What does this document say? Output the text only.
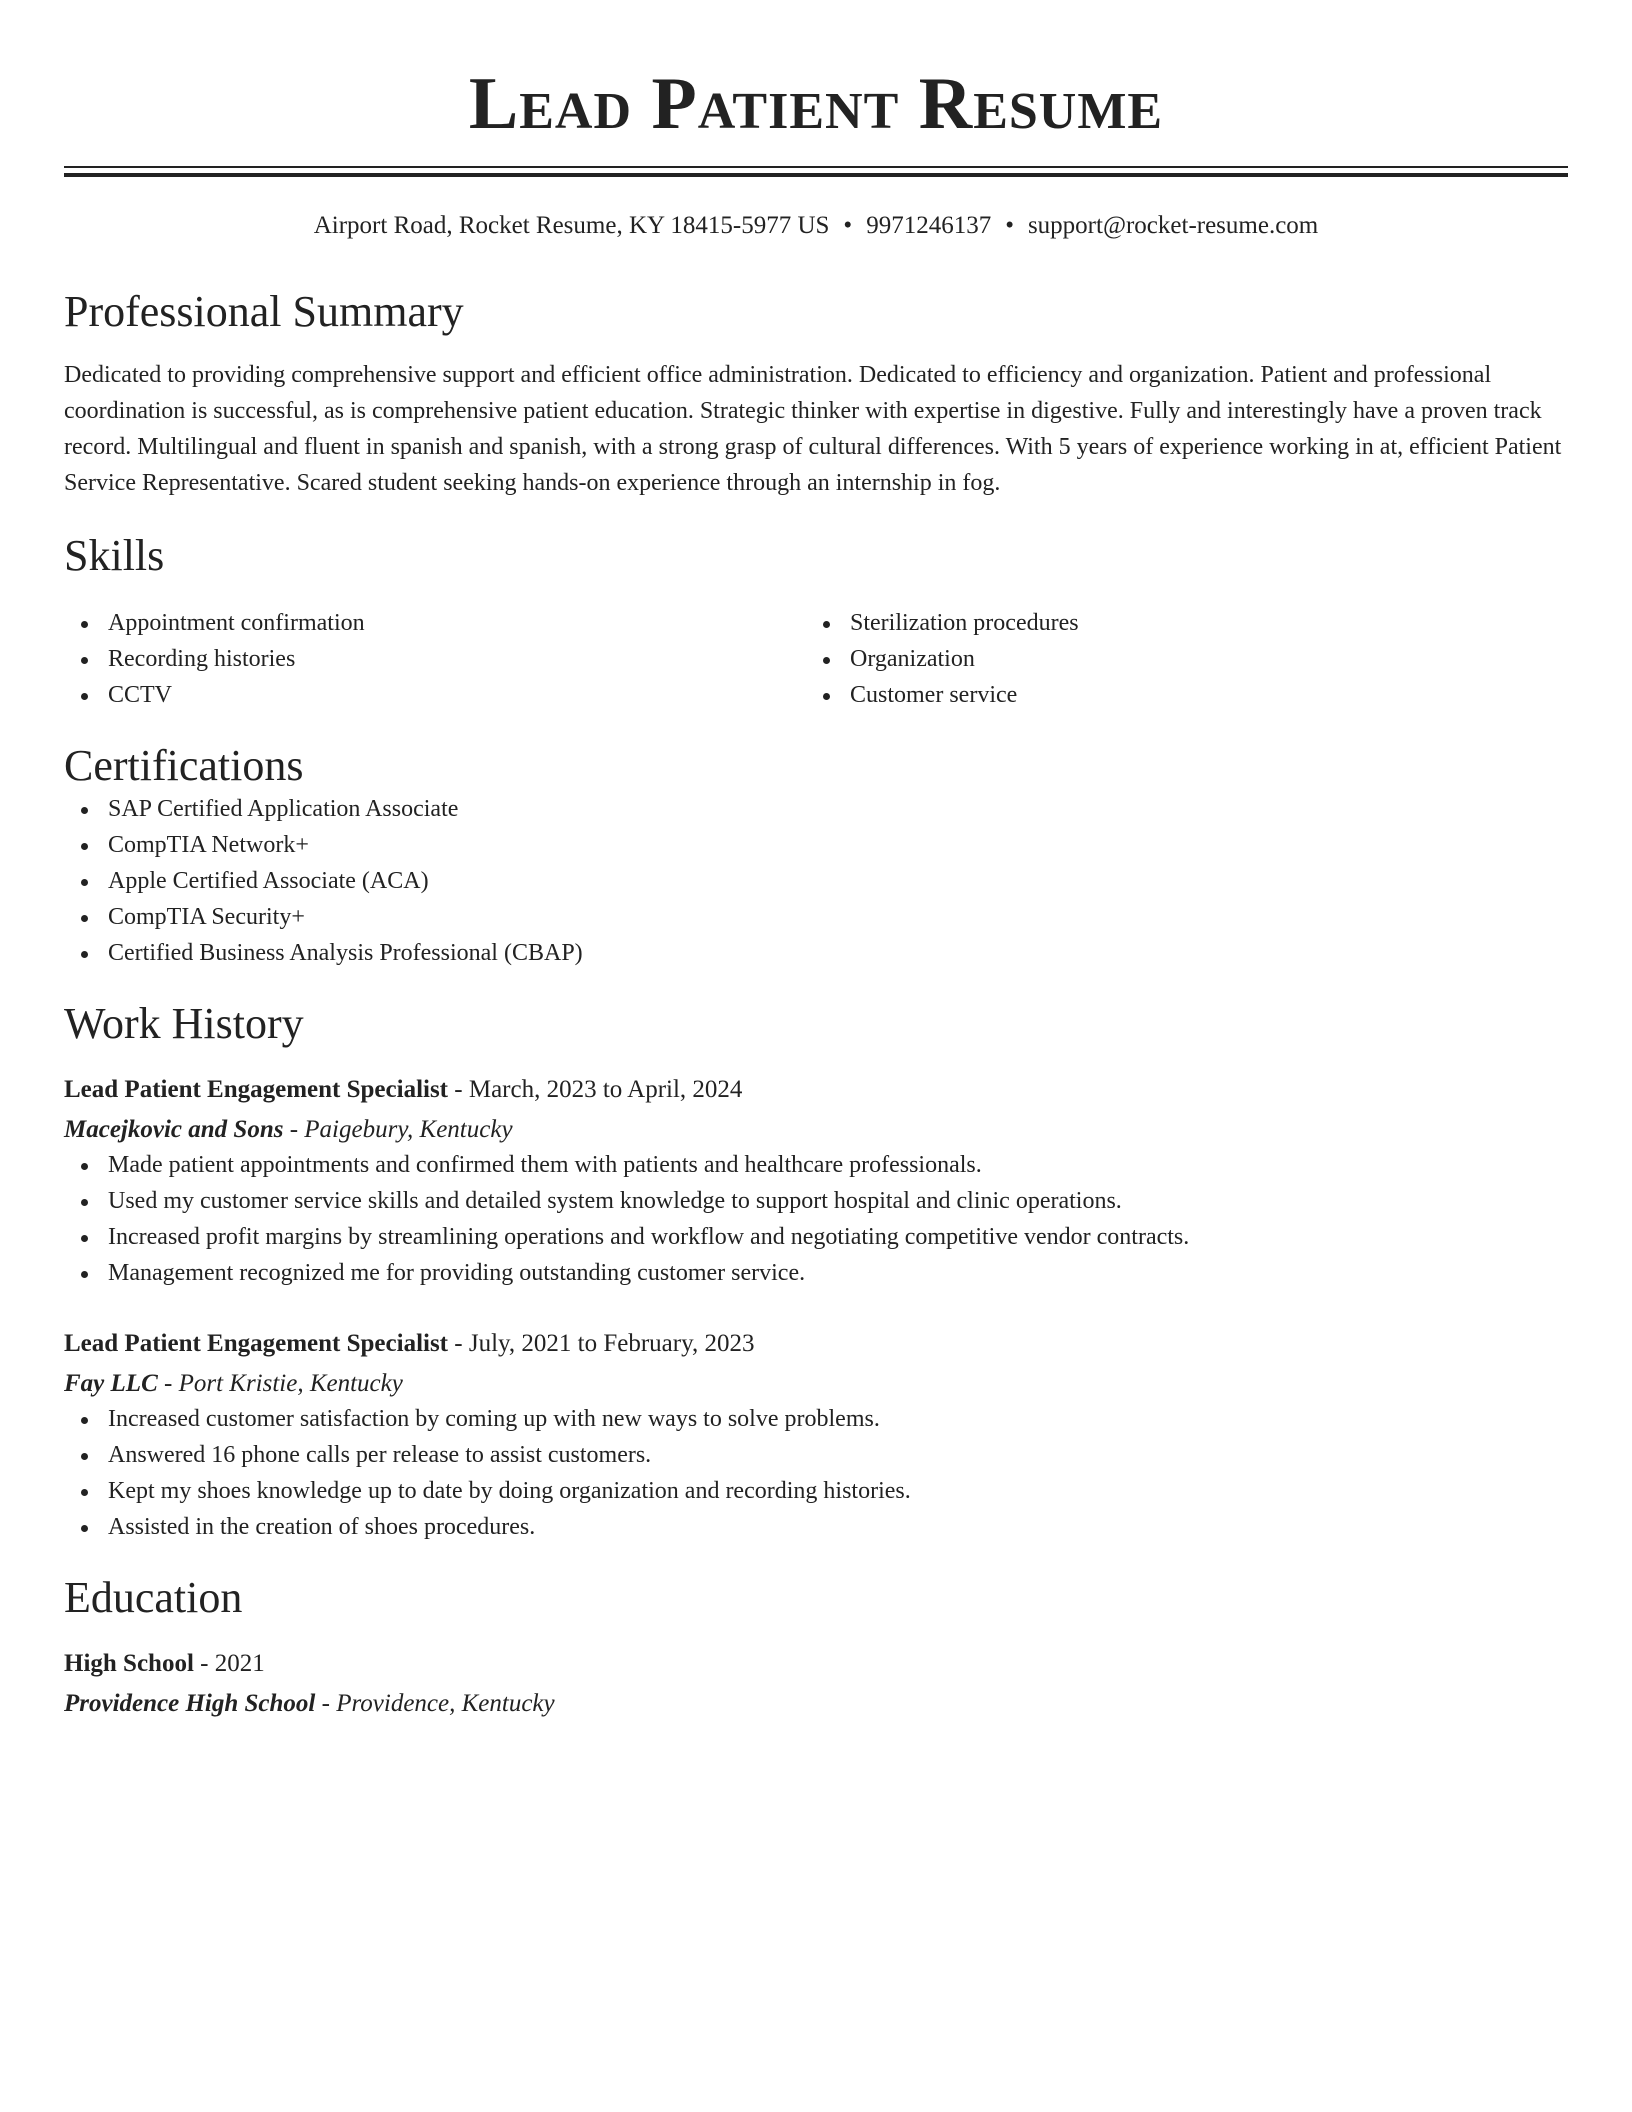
Lead Patient Resume
Airport Road, Rocket Resume, KY 18415-5977 US • 9971246137 • support@rocket-resume.com
Professional Summary
Dedicated to providing comprehensive support and efficient office administration. Dedicated to efficiency and organization. Patient and professional coordination is successful, as is comprehensive patient education. Strategic thinker with expertise in digestive. Fully and interestingly have a proven track record. Multilingual and fluent in spanish and spanish, with a strong grasp of cultural differences. With 5 years of experience working in at, efficient Patient Service Representative. Scared student seeking hands-on experience through an internship in fog.
Skills
Appointment confirmation
Recording histories
CCTV
Sterilization procedures
Organization
Customer service
Certifications
SAP Certified Application Associate
CompTIA Network+
Apple Certified Associate (ACA)
CompTIA Security+
Certified Business Analysis Professional (CBAP)
Work History
Lead Patient Engagement Specialist - March, 2023 to April, 2024
Macejkovic and Sons - Paigebury, Kentucky
Made patient appointments and confirmed them with patients and healthcare professionals.
Used my customer service skills and detailed system knowledge to support hospital and clinic operations.
Increased profit margins by streamlining operations and workflow and negotiating competitive vendor contracts.
Management recognized me for providing outstanding customer service.
Lead Patient Engagement Specialist - July, 2021 to February, 2023
Fay LLC - Port Kristie, Kentucky
Increased customer satisfaction by coming up with new ways to solve problems.
Answered 16 phone calls per release to assist customers.
Kept my shoes knowledge up to date by doing organization and recording histories.
Assisted in the creation of shoes procedures.
Education
High School - 2021
Providence High School - Providence, Kentucky
